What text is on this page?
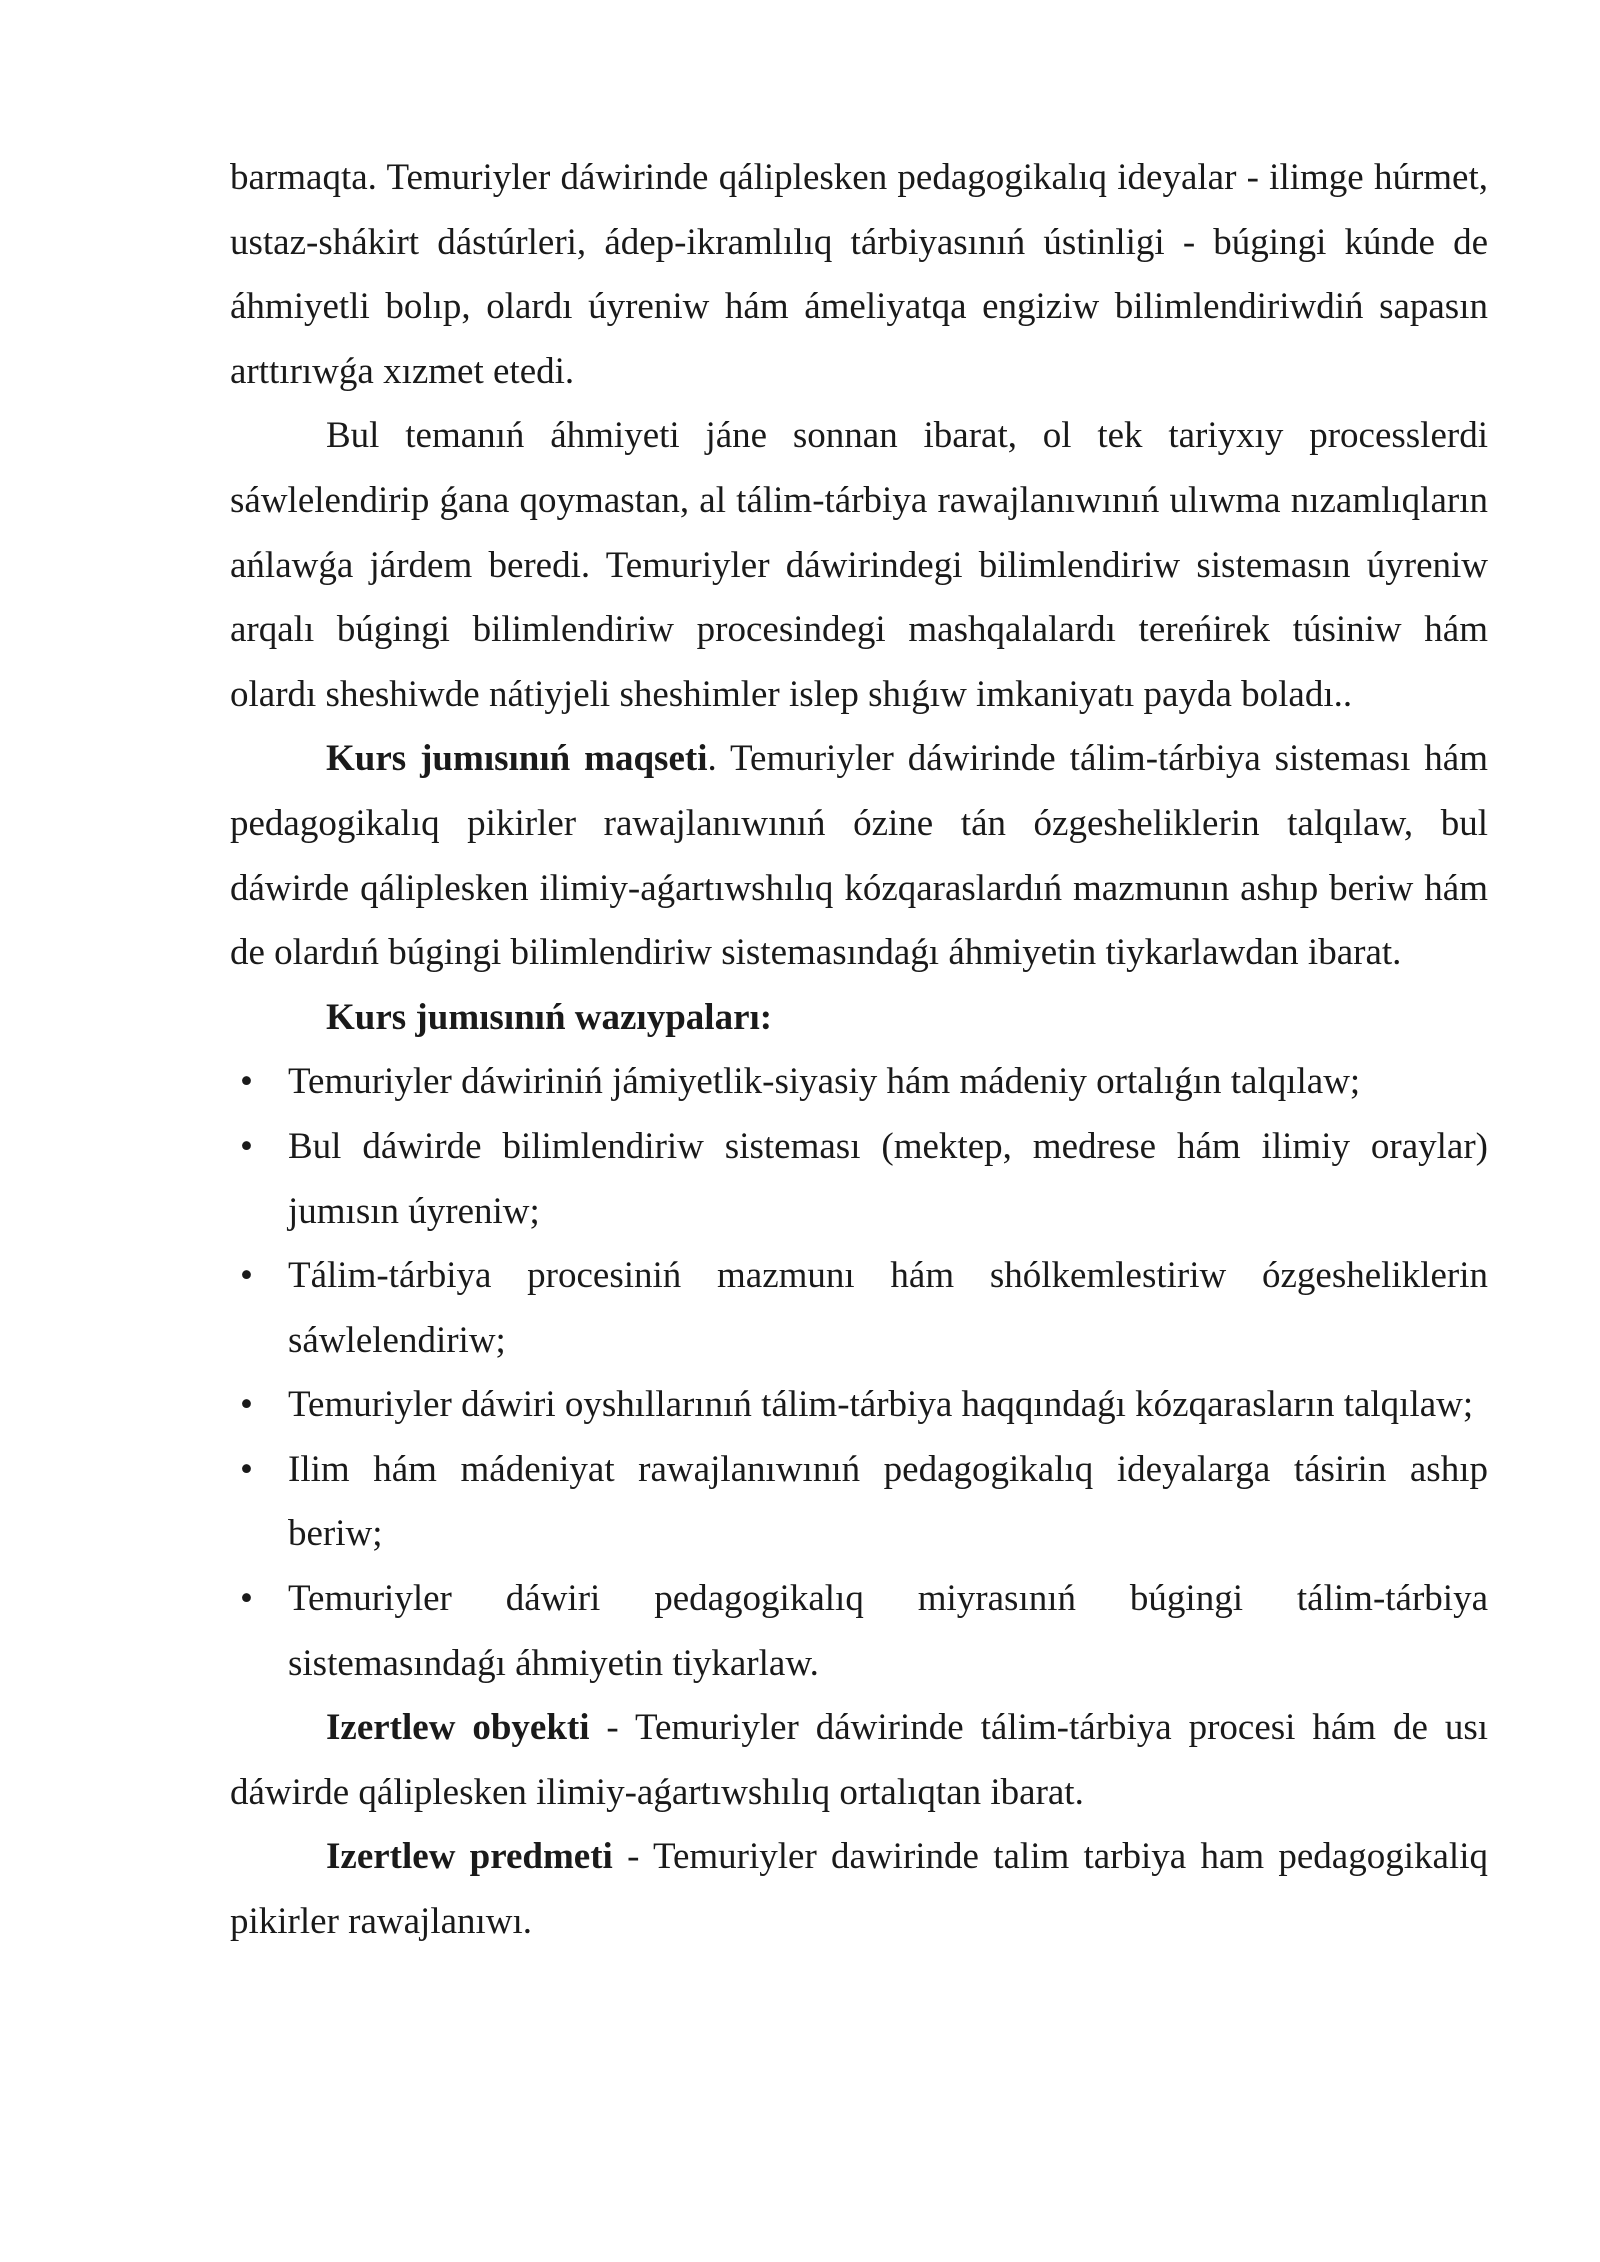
barmaqta. Temuriyler dáwirinde qáliplesken pedagogikalıq ideyalar - ilimge húrmet, ustaz-shákirt dástúrleri, ádep-ikramlılıq tárbiyasınıń ústinligi - búgingi kúnde de áhmiyetli bolıp, olardı úyreniw hám ámeliyatqa engiziw bilimlendiriwdiń sapasın arttırıwǵa xızmet etedi.

Bul temanıń áhmiyeti jáne sonnan ibarat, ol tek tariyxıy processlerdi sáwlelendirip ǵana qoymastan, al tálim-tárbiya rawajlanıwınıń ulıwma nızamlıqların ańlawǵa járdem beredi. Temuriyler dáwirindegi bilimlendiriw sistemasın úyreniw arqalı búgingi bilimlendiriw procesindegi mashqalalardı tereńirek túsiniw hám olardı sheshiwde nátiyjeli sheshimler islep shıǵıw imkaniyatı payda boladı..

Kurs jumısınıń maqseti. Temuriyler dáwirinde tálim-tárbiya sisteması hám pedagogikalıq pikirler rawajlanıwınıń ózine tán ózgesheliklerin talqılaw, bul dáwirde qáliplesken ilimiy-aǵartıwshılıq kózqaraslardıń mazmunın ashıp beriw hám de olardıń búgingi bilimlendiriw sistemasındaǵı áhmiyetin tiykarlawdan ibarat.

Kurs jumısınıń wazıypaları:

• Temuriyler dáwiriniń jámiyetlik-siyasiy hám mádeniy ortalıǵın talqılaw;
• Bul dáwirde bilimlendiriw sisteması (mektep, medrese hám ilimiy oraylar) jumısın úyreniw;
• Tálim-tárbiya procesiniń mazmunı hám shólkemlestiriw ózgesheliklerin sáwlelendiriw;
• Temuriyler dáwiri oyshıllarınıń tálim-tárbiya haqqındaǵı kózqarasların talqılaw;
• Ilim hám mádeniyat rawajlanıwınıń pedagogikalıq ideyalarga tásirin ashıp beriw;
• Temuriyler dáwiri pedagogikalıq miyrasınıń búgingi tálim-tárbiya sistemasındaǵı áhmiyetin tiykarlaw.

Izertlew obyekti - Temuriyler dáwirinde tálim-tárbiya procesi hám de usı dáwirde qáliplesken ilimiy-aǵartıwshılıq ortalıqtan ibarat.

Izertlew predmeti - Temuriyler dawirinde talim tarbiya ham pedagogikaliq pikirler rawajlanıwı.
